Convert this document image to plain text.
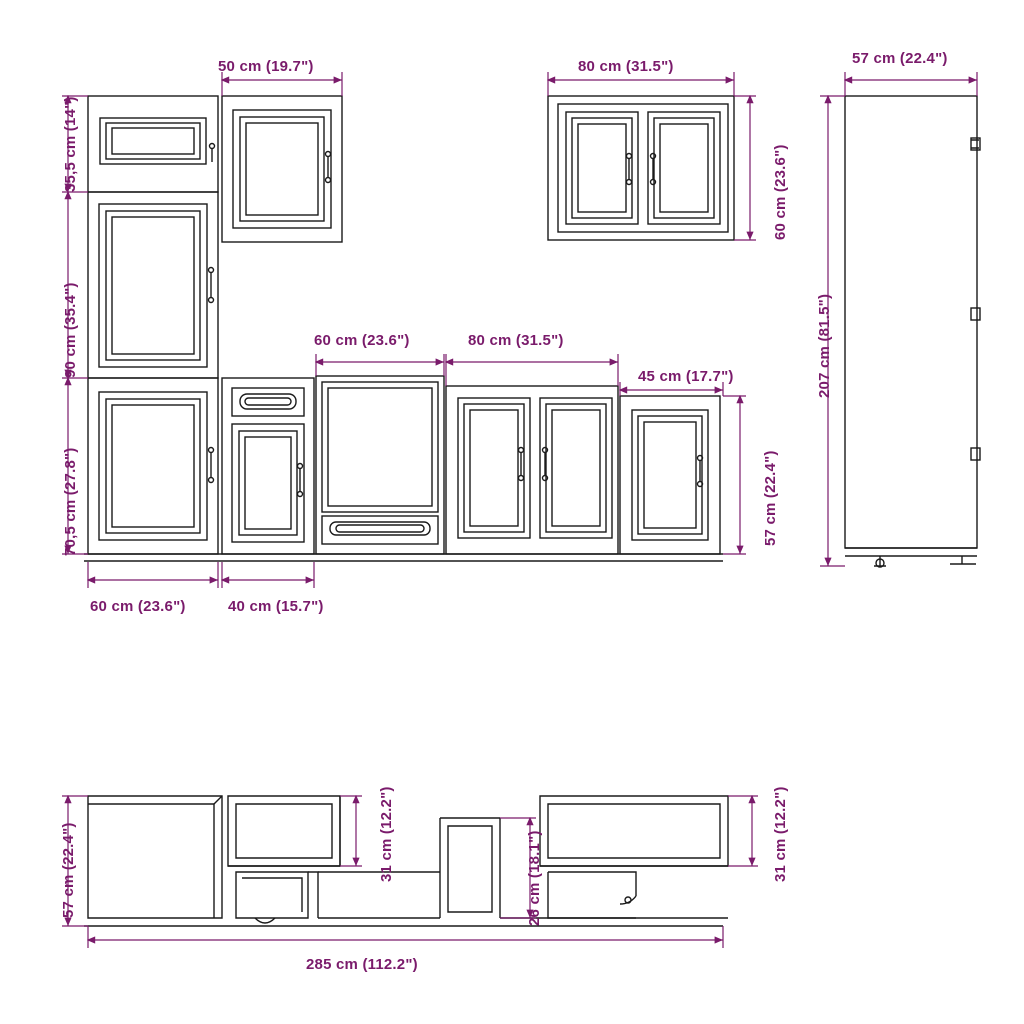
35,5 cm (14")
90 cm (35.4")
70,5 cm (27.8")
50 cm (19.7")	80 cm (31.5")
60 cm (23.6")
60 cm (23.6")	80 cm (31.5")
45 cm (17.7")
57 cm (22.4")
60 cm (23.6")	40 cm (15.7")
57 cm (22.4")
207 cm (81.5")
57 cm (22.4")	31 cm (12.2")	26 cm (18.1")	31 cm (12.2")
285 cm (112.2")
